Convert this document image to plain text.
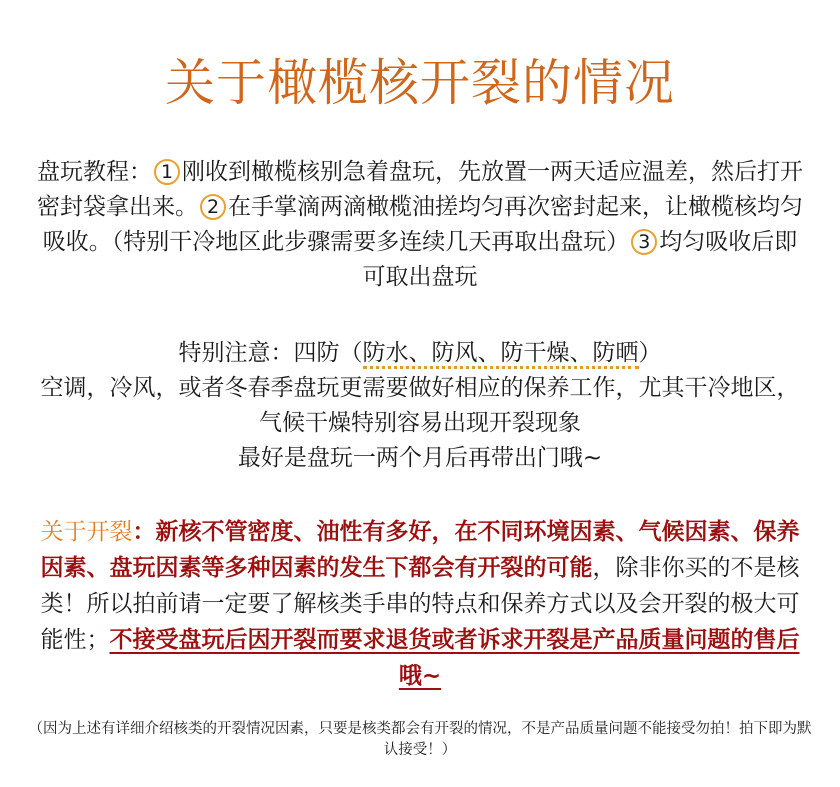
关于橄榄核开裂的情况
盘玩教程： 1 刚收到橄榄核别急着盘玩，先放置一两天适应温差，然后打开密封袋拿出来。 2 在手掌滴两滴橄榄油搓均匀再次密封起来，让橄榄核均匀吸收。（特别干冷地区此步骤需要多连续几天再取出盘玩） 3 均匀吸收后即可取出盘玩
特别注意：四防（防水、防风、防干燥、防晒）
空调，冷风，或者冬春季盘玩更需要做好相应的保养工作，尤其干冷地区，气候干燥特别容易出现开裂现象
最好是盘玩一两个月后再带出门哦~
关于开裂：新核不管密度、油性有多好，在不同环境因素、气候因素、保养因素、盘玩因素等多种因素的发生下都会有开裂的可能，除非你买的不是核类！所以拍前请一定要了解核类手串的特点和保养方式以及会开裂的极大可能性；不接受盘玩后因开裂而要求退货或者诉求开裂是产品质量问题的售后哦~
（因为上述有详细介绍核类的开裂情况因素，只要是核类都会有开裂的情况，不是产品质量问题不能接受勿拍！拍下即为默认接受！）
